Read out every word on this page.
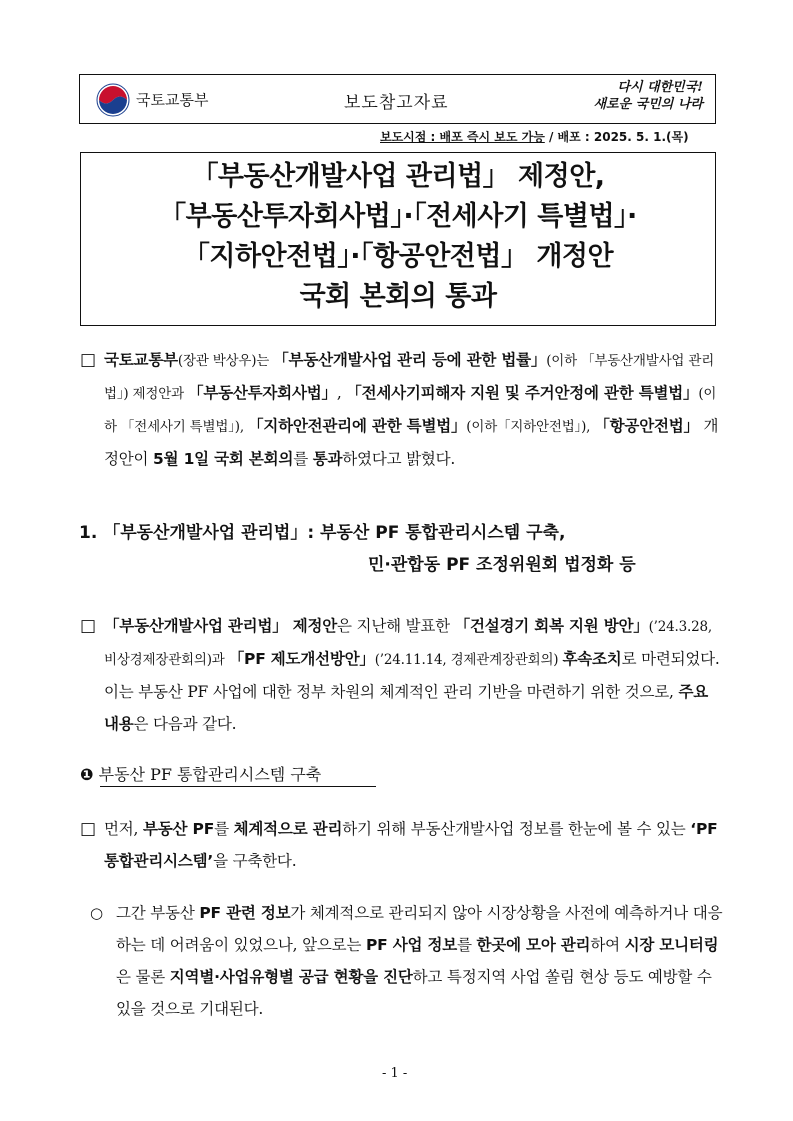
국토교통부	보도참고자료
다시 대한민국!
새로운 국민의 나라
보도시점 : 배포 즉시 보도 가능 / 배포 : 2025. 5. 1.(목)
「부동산개발사업 관리법」 제정안,
「부동산투자회사법」·「전세사기 특별법」·
「지하안전법」·「항공안전법」 개정안
국회 본회의 통과
□ 국토교통부(장관 박상우)는 「부동산개발사업 관리 등에 관한 법률」(이하 「부동산개발사업 관리법」) 제정안과 「부동산투자회사법」, 「전세사기피해자 지원 및 주거안정에 관한 특별법」(이하 「전세사기 특별법」), 「지하안전관리에 관한 특별법」(이하「지하안전법」), 「항공안전법」 개정안이 5월 1일 국회 본회의를 통과하였다고 밝혔다.
1. 「부동산개발사업 관리법」: 부동산 PF 통합관리시스템 구축,
민·관합동 PF 조정위원회 법정화 등
□ 「부동산개발사업 관리법」 제정안은 지난해 발표한 「건설경기 회복 지원 방안」(’24.3.28, 비상경제장관회의)과 「PF 제도개선방안」(’24.11.14, 경제관계장관회의) 후속조치로 마련되었다. 이는 부동산 PF 사업에 대한 정부 차원의 체계적인 관리 기반을 마련하기 위한 것으로, 주요 내용은 다음과 같다.
❶ 부동산 PF 통합관리시스템 구축
□ 먼저, 부동산 PF를 체계적으로 관리하기 위해 부동산개발사업 정보를 한눈에 볼 수 있는 ‘PF 통합관리시스템’을 구축한다.
○ 그간 부동산 PF 관련 정보가 체계적으로 관리되지 않아 시장상황을 사전에 예측하거나 대응하는 데 어려움이 있었으나, 앞으로는 PF 사업 정보를 한곳에 모아 관리하여 시장 모니터링은 물론 지역별·사업유형별 공급 현황을 진단하고 특정지역 사업 쏠림 현상 등도 예방할 수 있을 것으로 기대된다.
- 1 -
